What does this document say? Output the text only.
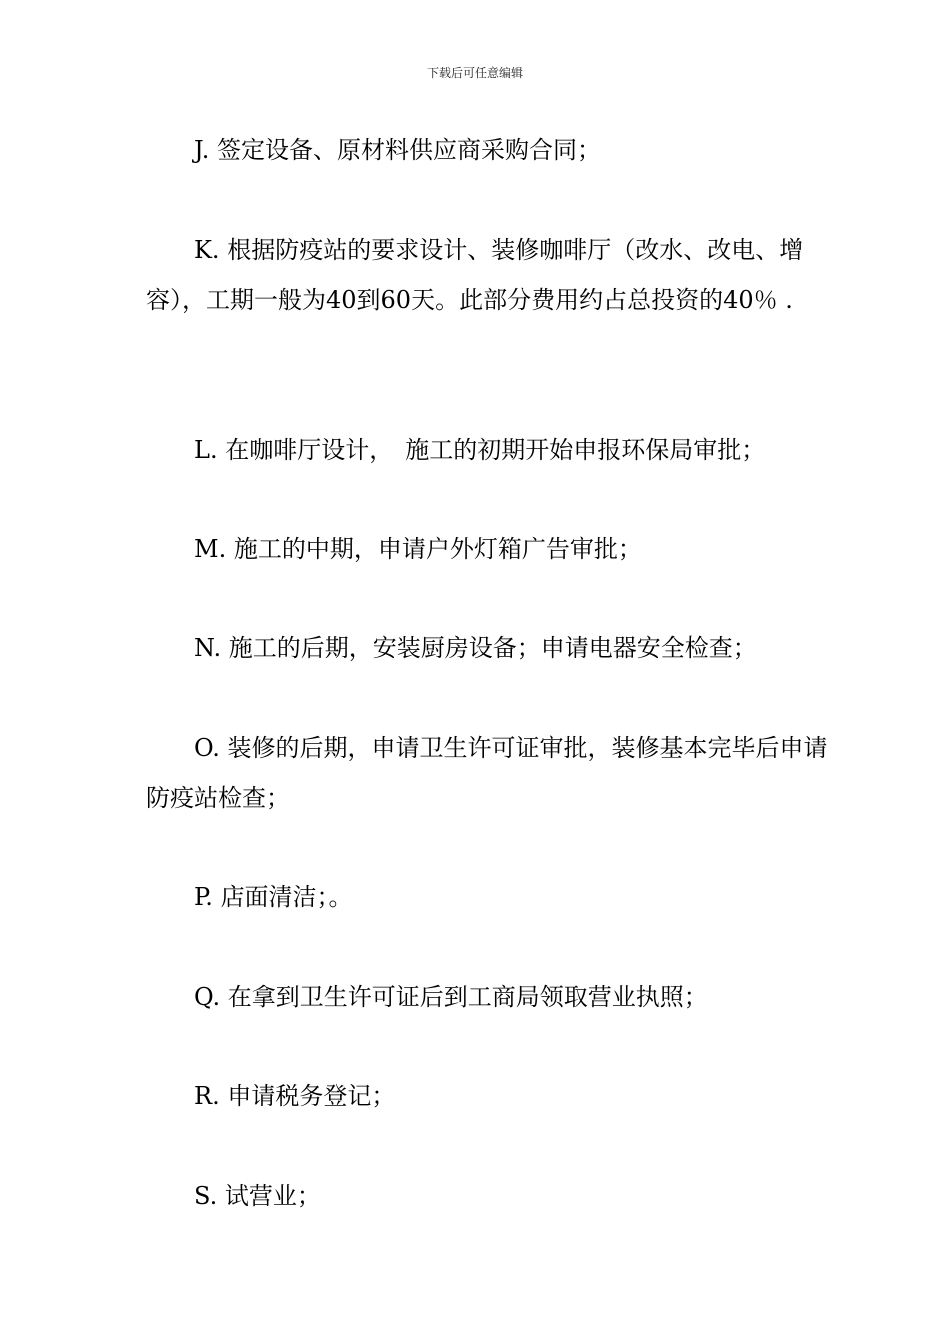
下载后可任意编辑
J. 签定设备、原材料供应商采购合同；
K. 根据防疫站的要求设计、装修咖啡厅（改水、改电、增容），工期一般为40到60天。此部分费用约占总投资的40％ .
L. 在咖啡厅设计，　施工的初期开始申报环保局审批；
M. 施工的中期，申请户外灯箱广告审批；
N. 施工的后期，安装厨房设备；申请电器安全检查；
O. 装修的后期，申请卫生许可证审批，装修基本完毕后申请防疫站检查；
P. 店面清洁；。
Q. 在拿到卫生许可证后到工商局领取营业执照；
R. 申请税务登记；
S. 试营业；
